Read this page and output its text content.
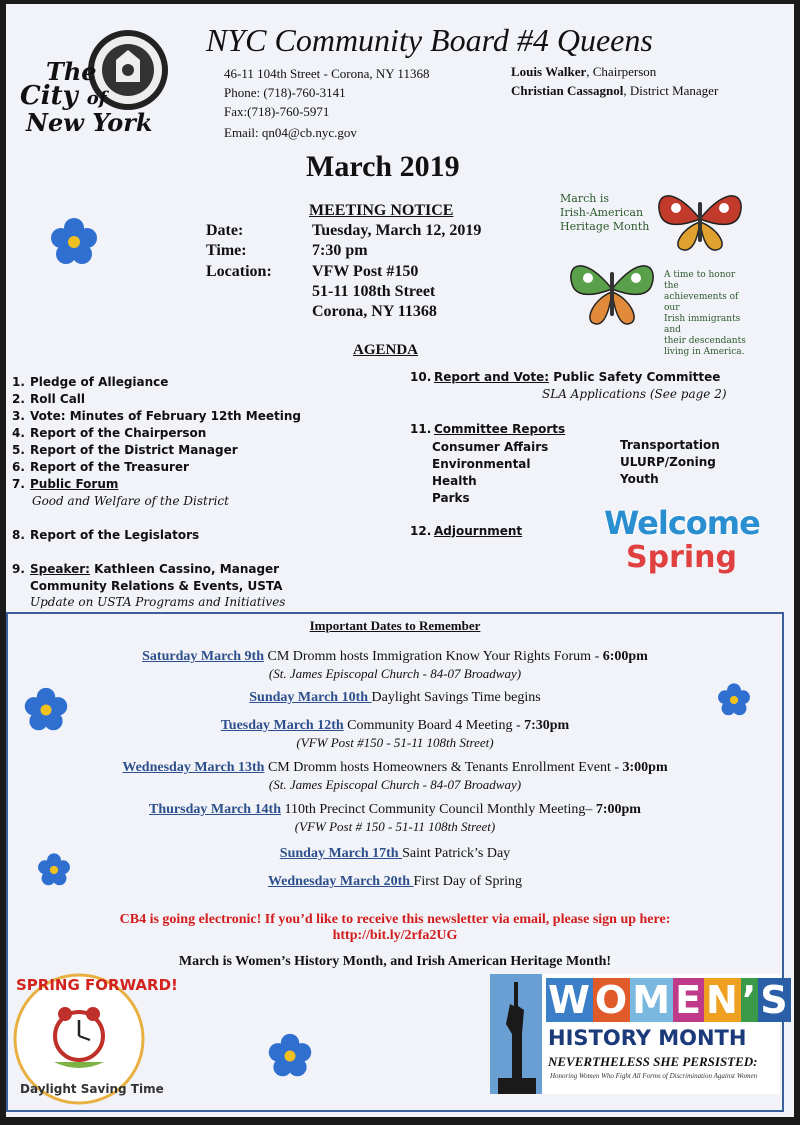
The
City of
New York
NYC Community Board #4 Queens
46-11 104th Street - Corona, NY 11368
Phone: (718)-760-3141
Fax:(718)-760-5971
Email: qn04@cb.nyc.gov
Louis Walker, Chairperson
Christian Cassagnol, District Manager
March 2019
MEETING NOTICE
Date:	Tuesday, March 12, 2019
Time:	7:30 pm
Location:	VFW Post #150
51-11 108th Street
Corona, NY 11368
March is
Irish-American
Heritage Month
A time to honor the
achievements of our
Irish immigrants and
their descendants
living in America.
AGENDA
1. Pledge of Allegiance
2. Roll Call
3. Vote: Minutes of February 12th Meeting
4. Report of the Chairperson
5. Report of the District Manager
6. Report of the Treasurer
7. Public Forum
Good and Welfare of the District
8. Report of the Legislators
9. Speaker: Kathleen Cassino, Manager
Community Relations & Events, USTA
Update on USTA Programs and Initiatives
10. Report and Vote: Public Safety Committee
SLA Applications (See page 2)
11. Committee Reports
Consumer Affairs
Environmental
Health
Parks
Transportation
ULURP/Zoning
Youth
12. Adjournment	Welcome
Spring
Important Dates to Remember
Saturday March 9th CM Dromm hosts Immigration Know Your Rights Forum - 6:00pm
(St. James Episcopal Church - 84-07 Broadway)
Sunday March 10th Daylight Savings Time begins
Tuesday March 12th Community Board 4 Meeting - 7:30pm
(VFW Post #150 - 51-11 108th Street)
Wednesday March 13th CM Dromm hosts Homeowners & Tenants Enrollment Event - 3:00pm
(St. James Episcopal Church - 84-07 Broadway)
Thursday March 14th 110th Precinct Community Council Monthly Meeting– 7:00pm
(VFW Post # 150 - 51-11 108th Street)
Sunday March 17th Saint Patrick’s Day
Wednesday March 20th First Day of Spring
CB4 is going electronic! If you’d like to receive this newsletter via email, please sign up here:
http://bit.ly/2rfa2UG
March is Women’s History Month, and Irish American Heritage Month!
SPRING FORWARD!
Daylight Saving Time
W O M E N’S
HISTORY MONTH
NEVERTHELESS SHE PERSISTED:
Honoring Women Who Fight All Forms of Discrimination Against Women
